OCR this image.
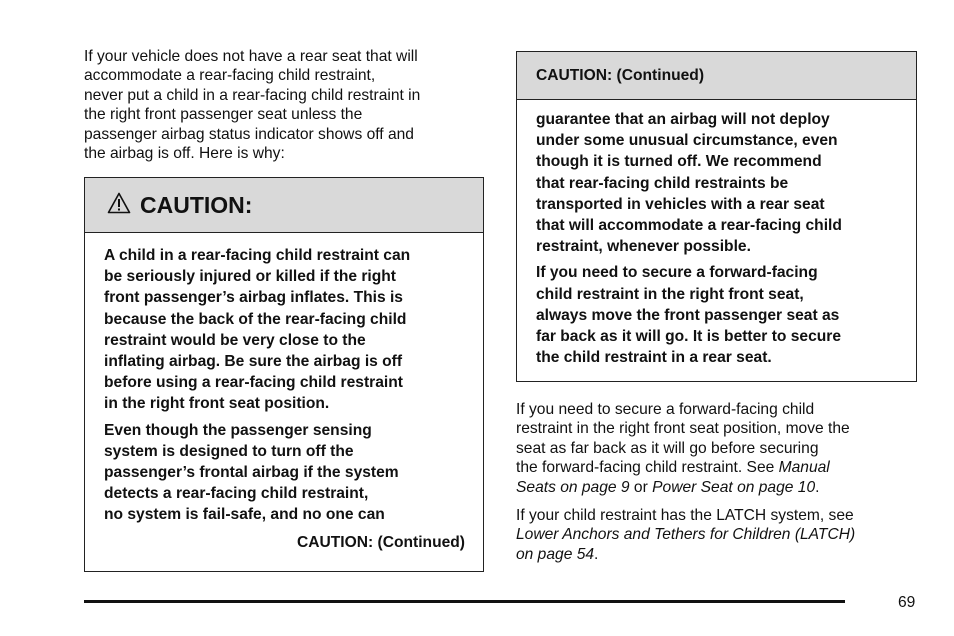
If your vehicle does not have a rear seat that will
accommodate a rear-facing child restraint,
never put a child in a rear-facing child restraint in
the right front passenger seat unless the
passenger airbag status indicator shows off and
the airbag is off. Here is why:
CAUTION:

A child in a rear-facing child restraint can
be seriously injured or killed if the right
front passenger’s airbag inflates. This is
because the back of the rear-facing child
restraint would be very close to the
inflating airbag. Be sure the airbag is off
before using a rear-facing child restraint
in the right front seat position.

Even though the passenger sensing
system is designed to turn off the
passenger’s frontal airbag if the system
detects a rear-facing child restraint,
no system is fail-safe, and no one can

CAUTION: (Continued)
CAUTION: (Continued)

guarantee that an airbag will not deploy
under some unusual circumstance, even
though it is turned off. We recommend
that rear-facing child restraints be
transported in vehicles with a rear seat
that will accommodate a rear-facing child
restraint, whenever possible.

If you need to secure a forward-facing
child restraint in the right front seat,
always move the front passenger seat as
far back as it will go. It is better to secure
the child restraint in a rear seat.

If you need to secure a forward-facing child
restraint in the right front seat position, move the
seat as far back as it will go before securing
the forward-facing child restraint. See Manual
Seats on page 9 or Power Seat on page 10.

If your child restraint has the LATCH system, see
Lower Anchors and Tethers for Children (LATCH)
on page 54.

69
